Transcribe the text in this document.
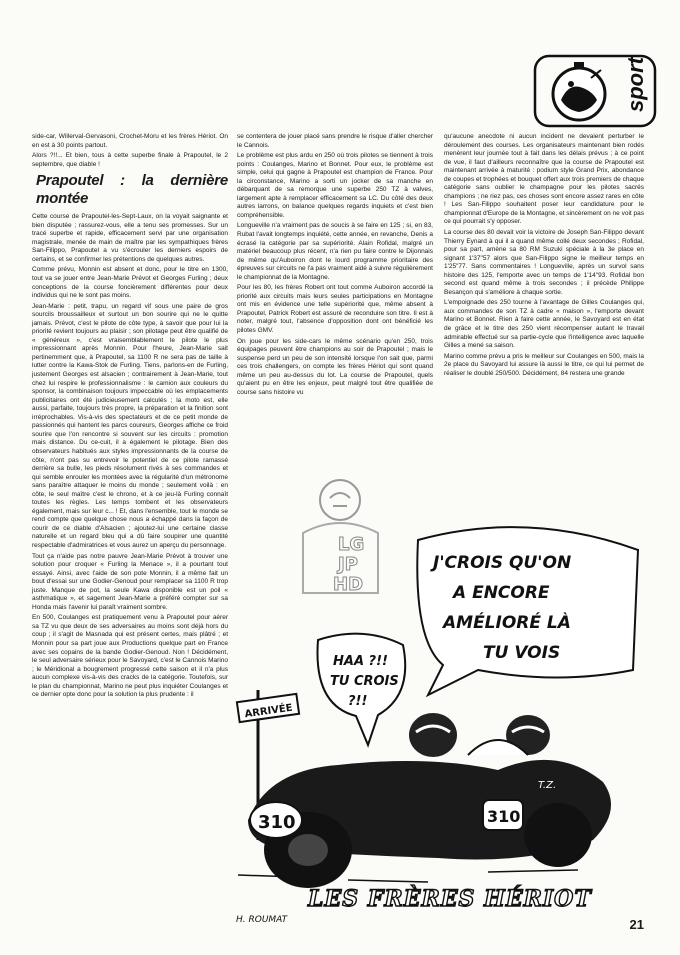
sport

side-car, Willerval-Gervasoni, Crochet-Moru et les frères Hériot. On en est à 30 points partout.

Alors ?!!... Et bien, tous à cette superbe finale à Prapoutel, le 2 septembre, que diable !

Prapoutel : la dernière montée

Cette course de Prapoutel-les-Sept-Laux, on la voyait saignante et bien disputée ; rassurez-vous, elle a tenu ses promesses. Sur un tracé superbe et rapide, efficacement servi par une organisation magistrale, menée de main de maître par les sympathiques frères San-Filippo, Prapoutel a vu s'écrouler les derniers espoirs de certains, et se confirmer les prétentions de quelques autres.

Comme prévu, Monnin est absent et donc, pour le titre en 1300, tout va se jouer entre Jean-Marie Prévot et Georges Furling ; deux conceptions de la course foncièrement différentes pour deux individus qui ne le sont pas moins.

Jean-Marie : petit, trapu, un regard vif sous une paire de gros sourcils broussailleux et surtout un bon sourire qui ne le quitte jamais. Prévot, c'est le pilote de côte type, à savoir que pour lui la priorité revient toujours au plaisir ; son pilotage peut être qualifié de « généreux », c'est vraisemblablement le pilote le plus impressionnant après Monnin. Pour l'heure, Jean-Marie sait pertinemment que, à Prapoutel, sa 1100 R ne sera pas de taille à lutter contre la Kawa-Stok de Furling. Tiens, parlons-en de Furling, justement Georges est alsacien ; contrairement à Jean-Marie, tout chez lui respire le professionnalisme : le camion aux couleurs du sponsor, la combinaison toujours impeccable où les emplacements publicitaires ont été judicieusement calculés ; la moto est, elle aussi, parfaite, toujours très propre, la préparation et la finition sont irréprochables. Vis-à-vis des spectateurs et de ce petit monde de passionnés qui hantent les parcs coureurs, Georges affiche ce froid sourire que l'on rencontre si souvent sur les circuits : promotion mais distance. Du ce-cuit, il a également le pilotage. Bien des observateurs habitués aux styles impressionnants de la course de côte, n'ont pas su entrevoir le potentiel de ce pilote ramassé derrière sa bulle, les pieds résolument rivés à ses commandes et qui semble enrouler les montées avec la régularité d'un métronome sans paraître attaquer le moins du monde ; seulement voilà : en côte, le seul maître c'est le chrono, et à ce jeu-là Furling connaît toutes les règles. Les temps tombent et les observateurs également, mais sur leur c... ! Et, dans l'ensemble, tout le monde se rend compte que quelque chose nous a échappé dans la façon de courir de ce diable d'Alsacien ; ajoutez-lui une certaine classe naturelle et un regard bleu qui a dû faire soupirer une quantité respectable d'admiratrices et vous aurez un aperçu du personnage.

Tout ça n'aide pas notre pauvre Jean-Marie Prévot à trouver une solution pour croquer « Furling la Menace », il a pourtant tout essayé. Ainsi, avec l'aide de son pote Monnin, il a même fait un bout d'essai sur une Godier-Genoud pour remplacer sa 1100 R trop juste. Manque de pot, la seule Kawa disponible est un poil « asthmatique », et sagement Jean-Marie a préféré compter sur sa Honda mais l'avenir lui paraît vraiment sombre.

En 500, Coulanges est pratiquement venu à Prapoutel pour aérer sa TZ vu que deux de ses adversaires au moins sont déjà hors du coup ; il s'agit de Masnada qui est présent certes, mais plâtré ; et Monnin pour sa part joue aux Productions quelque part en France avec ses copains de la bande Godier-Genoud. Non ! Décidément, le seul adversaire sérieux pour le Savoyard, c'est le Cannois Marino ; le Méridional a bougrement progressé cette saison et il n'a plus aucun complexe vis-à-vis des cracks de la catégorie. Toutefois, sur le plan du championnat, Marino ne peut plus inquiéter Coulanges et ce dernier opte donc pour la solution la plus prudente : il

se contentera de jouer placé sans prendre le risque d'aller chercher le Cannois.

Le problème est plus ardu en 250 où trois pilotes se tiennent à trois points : Coulanges, Marino et Bonnet. Pour eux, le problème est simple, celui qui gagne à Prapoutel est champion de France. Pour la circonstance, Marino a sorti un jocker de sa manche en débarquant de sa remorque une superbe 250 TZ à valves, largement apte à remplacer efficacement sa LC. Du côté des deux autres larrons, on balance quelques regards inquiets et c'est bien compréhensible.

Longueville n'a vraiment pas de soucis à se faire en 125 ; si, en 83, Rubat l'avait longtemps inquiété, cette année, en revanche, Denis a écrasé la catégorie par sa supériorité. Alain Rofidal, malgré un matériel beaucoup plus récent, n'a rien pu faire contre le Dijonnais de même qu'Auboiron dont le lourd programme prioritaire des épreuves sur circuits ne l'a pas vraiment aidé à suivre régulièrement le championnat de la Montagne.

Pour les 80, les frères Robert ont tout comme Auboiron accordé la priorité aux circuits mais leurs seules participations en Montagne ont mis en évidence une telle supériorité que, même absent à Prapoutel, Patrick Robert est assuré de reconduire son titre. Il est à noter, malgré tout, l'absence d'opposition dont ont bénéficié les pilotes GMV.

On joue pour les side-cars le même scénario qu'en 250, trois équipages peuvent être champions au soir de Prapoutel ; mais le suspense perd un peu de son intensité lorsque l'on sait que, parmi ces trois challengers, on compte les frères Hériot qui sont quand même un peu au-dessus du lot. La course de Prapoutel, quels qu'aient pu en être les enjeux, peut malgré tout être qualifiée de course sans histoire vu

qu'aucune anecdote ni aucun incident ne devaient perturber le déroulement des courses. Les organisateurs maintenant bien rodés menèrent leur journée tout à fait dans les délais prévus ; à ce point de vue, il faut d'ailleurs reconnaître que la course de Prapoutel est maintenant arrivée à maturité : podium style Grand Prix, abondance de coupes et trophées et bouquet offert aux trois premiers de chaque catégorie sans oublier le champagne pour les pilotes sacrés champions ; ne riez pas, ces choses sont encore assez rares en côte ! Les San-Filippo souhaitent poser leur candidature pour le championnat d'Europe de la Montagne, et sincèrement on ne voit pas ce qui pourrait s'y opposer.

La course des 80 devait voir la victoire de Joseph San-Filippo devant Thierry Eynard à qui il a quand même collé deux secondes ; Rofidal, pour sa part, amène sa 80 RM Suzuki spéciale à la 3e place en signant 1'37"57 alors que San-Filippo signe le meilleur temps en 1'25"77. Sans commentaires ! Longueville, après un survol sans histoire des 125, l'emporte avec un temps de 1'14"93. Rofidal bon second est quand même à trois secondes ; il précède Philippe Besançon qui s'améliore à chaque sortie.

L'empoignade des 250 tourne à l'avantage de Gilles Coulanges qui, aux commandes de son TZ à cadre « maison », l'emporte devant Marino et Bonnet. Rien à faire cette année, le Savoyard est en état de grâce et le titre des 250 vient récompenser autant le travail admirable effectué sur sa partie-cycle que l'intelligence avec laquelle Gilles a mené sa saison.

Marino comme prévu a pris le meilleur sur Coulanges en 500, mais la 2e place du Savoyard lui assure là aussi le titre, ce qui lui permet de réaliser le doublé 250/500. Décidément, 84 restera une grande

J'CROIS QU'ON
A ENCORE
AMÉLIORÉ LÀ
TU VOIS
HAA ?!!
TU CROIS
?!!
ARRIVÉE
310	310
T.Z.
LES FRÈRES HÉRIOT
H. ROUMAT
LG
JP
HD
21
